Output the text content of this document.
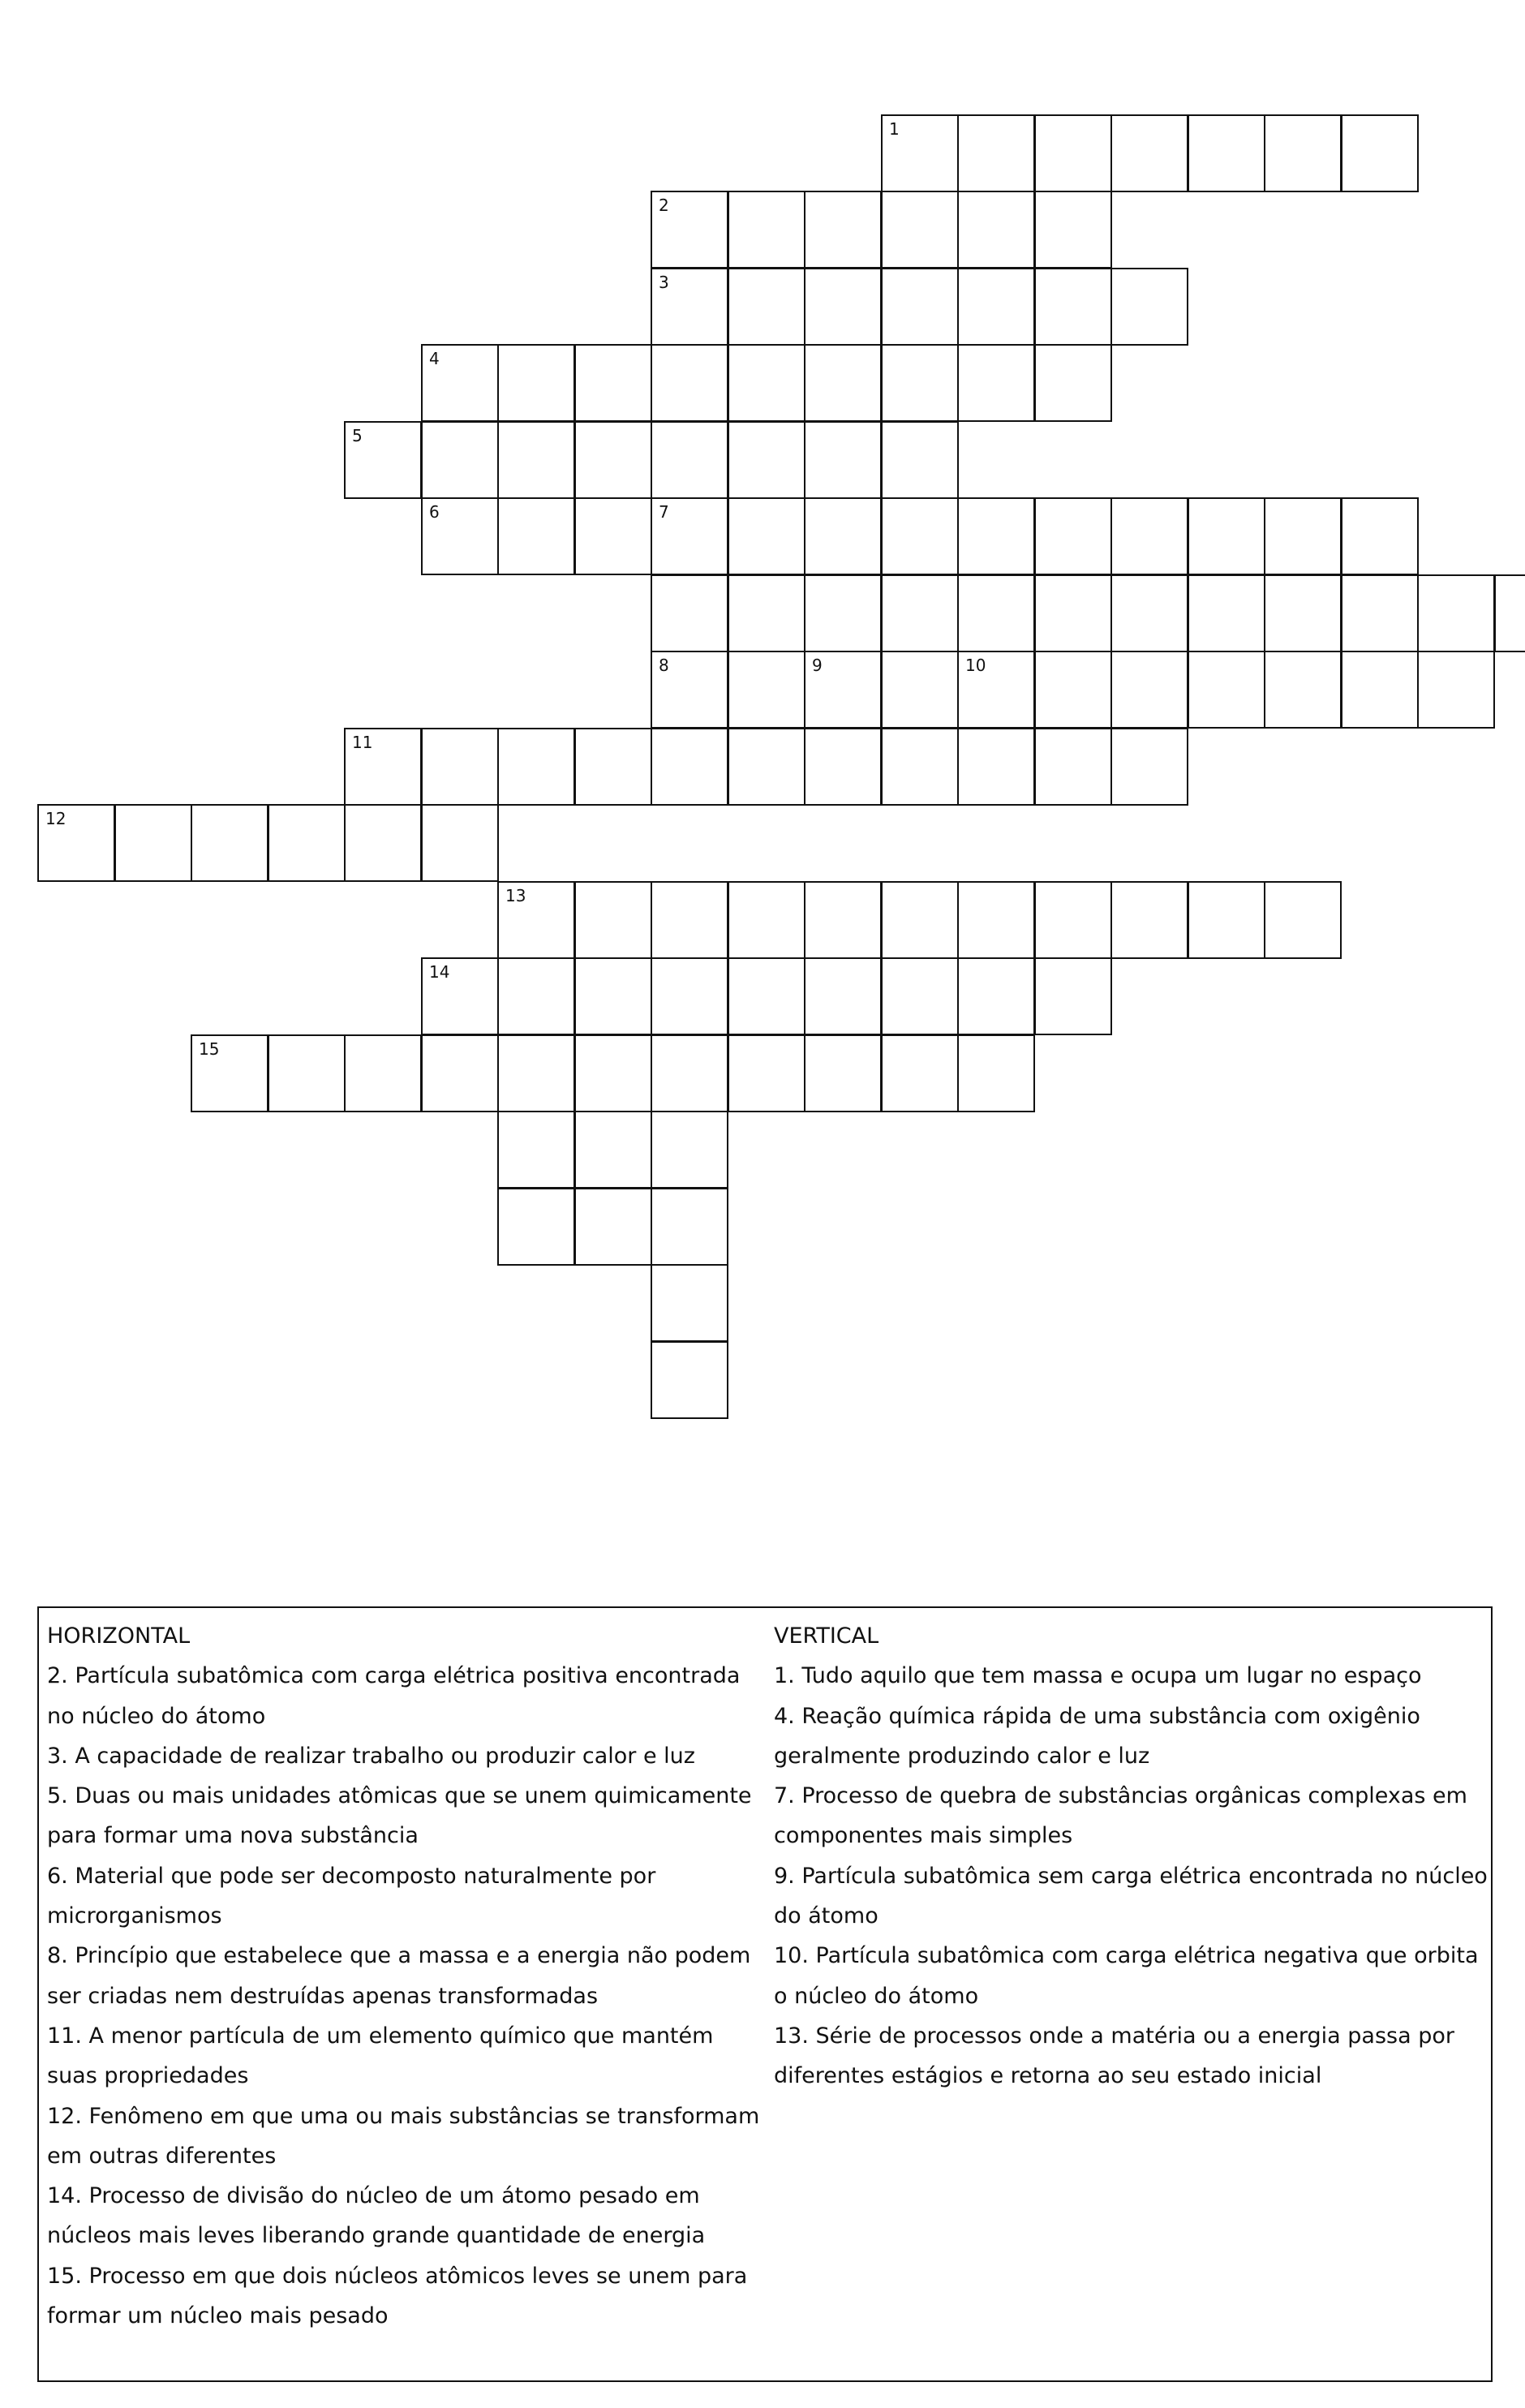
1
2
3
4
5
6	7
8	9	10
11
12
13
14
15

HORIZONTAL

2. Partícula subatômica com carga elétrica positiva encontrada no núcleo do átomo

3. A capacidade de realizar trabalho ou produzir calor e luz

5. Duas ou mais unidades atômicas que se unem quimicamente para formar uma nova substância

6. Material que pode ser decomposto naturalmente por microrganismos

8. Princípio que estabelece que a massa e a energia não podem ser criadas nem destruídas apenas transformadas

11. A menor partícula de um elemento químico que mantém suas propriedades

12. Fenômeno em que uma ou mais substâncias se transformam em outras diferentes

14. Processo de divisão do núcleo de um átomo pesado em núcleos mais leves liberando grande quantidade de energia

15. Processo em que dois núcleos atômicos leves se unem para formar um núcleo mais pesado

VERTICAL

1. Tudo aquilo que tem massa e ocupa um lugar no espaço

4. Reação química rápida de uma substância com oxigênio geralmente produzindo calor e luz

7. Processo de quebra de substâncias orgânicas complexas em componentes mais simples

9. Partícula subatômica sem carga elétrica encontrada no núcleo do átomo

10. Partícula subatômica com carga elétrica negativa que orbita o núcleo do átomo

13. Série de processos onde a matéria ou a energia passa por diferentes estágios e retorna ao seu estado inicial
